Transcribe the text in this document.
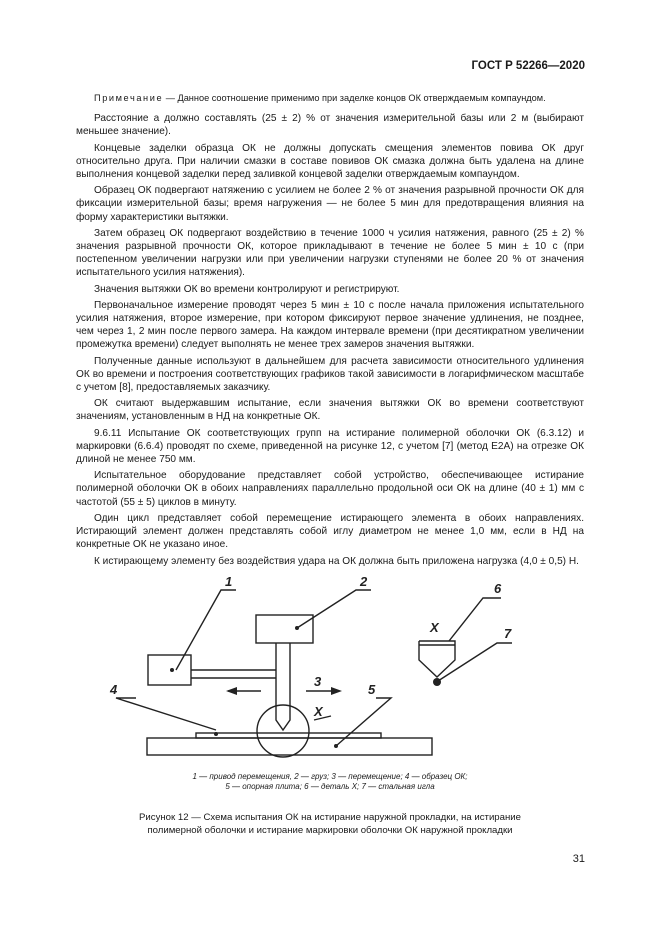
ГОСТ Р 52266—2020

Примечание — Данное соотношение применимо при заделке концов ОК отверждаемым компаундом.

Расстояние а должно составлять (25 ± 2) % от значения измерительной базы или 2 м (выбирают меньшее значение).

Концевые заделки образца ОК не должны допускать смещения элементов повива ОК друг относительно друга. При наличии смазки в составе повивов ОК смазка должна быть удалена на длине выполнения концевой заделки перед заливкой концевой заделки отверждаемым компаундом.

Образец ОК подвергают натяжению с усилием не более 2 % от значения разрывной прочности ОК для фиксации измерительной базы; время нагружения — не более 5 мин для предотвращения влияния на форму характеристики вытяжки.

Затем образец ОК подвергают воздействию в течение 1000 ч усилия натяжения, равного (25 ± 2) % значения разрывной прочности ОК, которое прикладывают в течение не более 5 мин ± 10 с (при постепенном увеличении нагрузки или при увеличении нагрузки ступенями не более 20 % от значения испытательного усилия натяжения).

Значения вытяжки ОК во времени контролируют и регистрируют.

Первоначальное измерение проводят через 5 мин ± 10 с после начала приложения испытательного усилия натяжения, второе измерение, при котором фиксируют первое значение удлинения, не позднее, чем через 1, 2 мин после первого замера. На каждом интервале времени (при десятикратном увеличении промежутка времени) следует выполнять не менее трех замеров значения вытяжки.

Полученные данные используют в дальнейшем для расчета зависимости относительного удлинения ОК во времени и построения соответствующих графиков такой зависимости в логарифмическом масштабе с учетом [8], предоставляемых заказчику.

ОК считают выдержавшим испытание, если значения вытяжки ОК во времени соответствуют значениям, установленным в НД на конкретные ОК.

9.6.11 Испытание ОК соответствующих групп на истирание полимерной оболочки ОК (6.3.12) и маркировки (6.6.4) проводят по схеме, приведенной на рисунке 12, с учетом [7] (метод Е2А) на отрезке ОК длиной не менее 750 мм.

Испытательное оборудование представляет собой устройство, обеспечивающее истирание полимерной оболочки ОК в обоих направлениях параллельно продольной оси ОК на длине (40 ± 1) мм с частотой (55 ± 5) циклов в минуту.

Один цикл представляет собой перемещение истирающего элемента в обоих направлениях. Истирающий элемент должен представлять собой иглу диаметром не менее 1,0 мм, если в НД на конкретные ОК не указано иное.

К истирающему элементу без воздействия удара на ОК должна быть приложена нагрузка (4,0 ± 0,5) Н.

1	2
3
4	5
6
7
X
X

1 — привод перемещения, 2 — груз; 3 — перемещение; 4 — образец ОК;

5 — опорная плита; 6 — деталь Х; 7 — стальная игла

Рисунок 12 — Схема испытания ОК на истирание наружной прокладки, на истирание

полимерной оболочки и истирание маркировки оболочки ОК наружной прокладки

31
